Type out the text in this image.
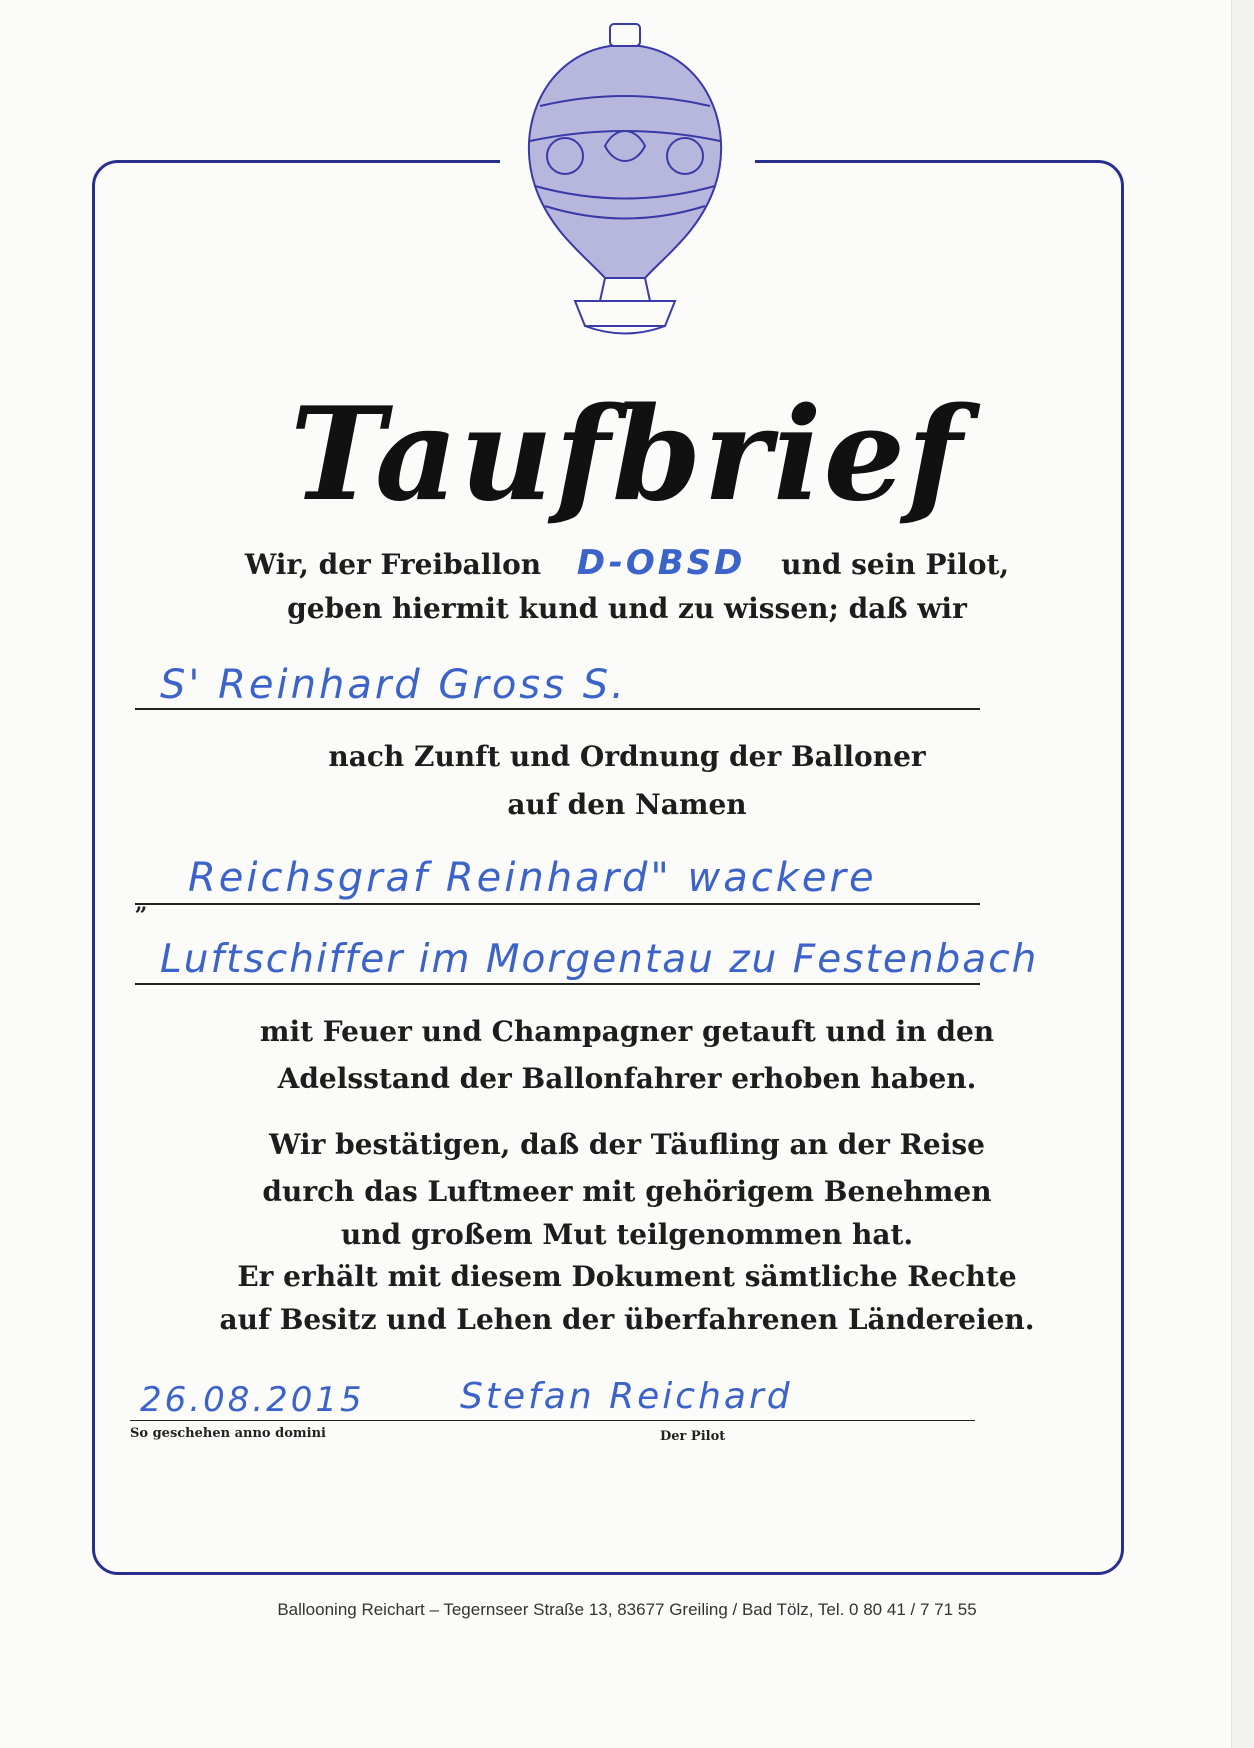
Taufbrief
Wir, der Freiballon D-OBSD und sein Pilot,
geben hiermit kund und zu wissen; daß wir
S' Reinhard Gross S.
nach Zunft und Ordnung der Balloner
auf den Namen
„
Reichsgraf Reinhard" wackere
Luftschiffer im Morgentau zu Festenbach
mit Feuer und Champagner getauft und in den
Adelsstand der Ballonfahrer erhoben haben.
Wir bestätigen, daß der Täufling an der Reise
durch das Luftmeer mit gehörigem Benehmen
und großem Mut teilgenommen hat.
Er erhält mit diesem Dokument sämtliche Rechte
auf Besitz und Lehen der überfahrenen Ländereien.
26.08.2015	Stefan Reichard
So geschehen anno domini	Der Pilot
Ballooning Reichart – Tegernseer Straße 13, 83677 Greiling / Bad Tölz, Tel. 0 80 41 / 7 71 55
